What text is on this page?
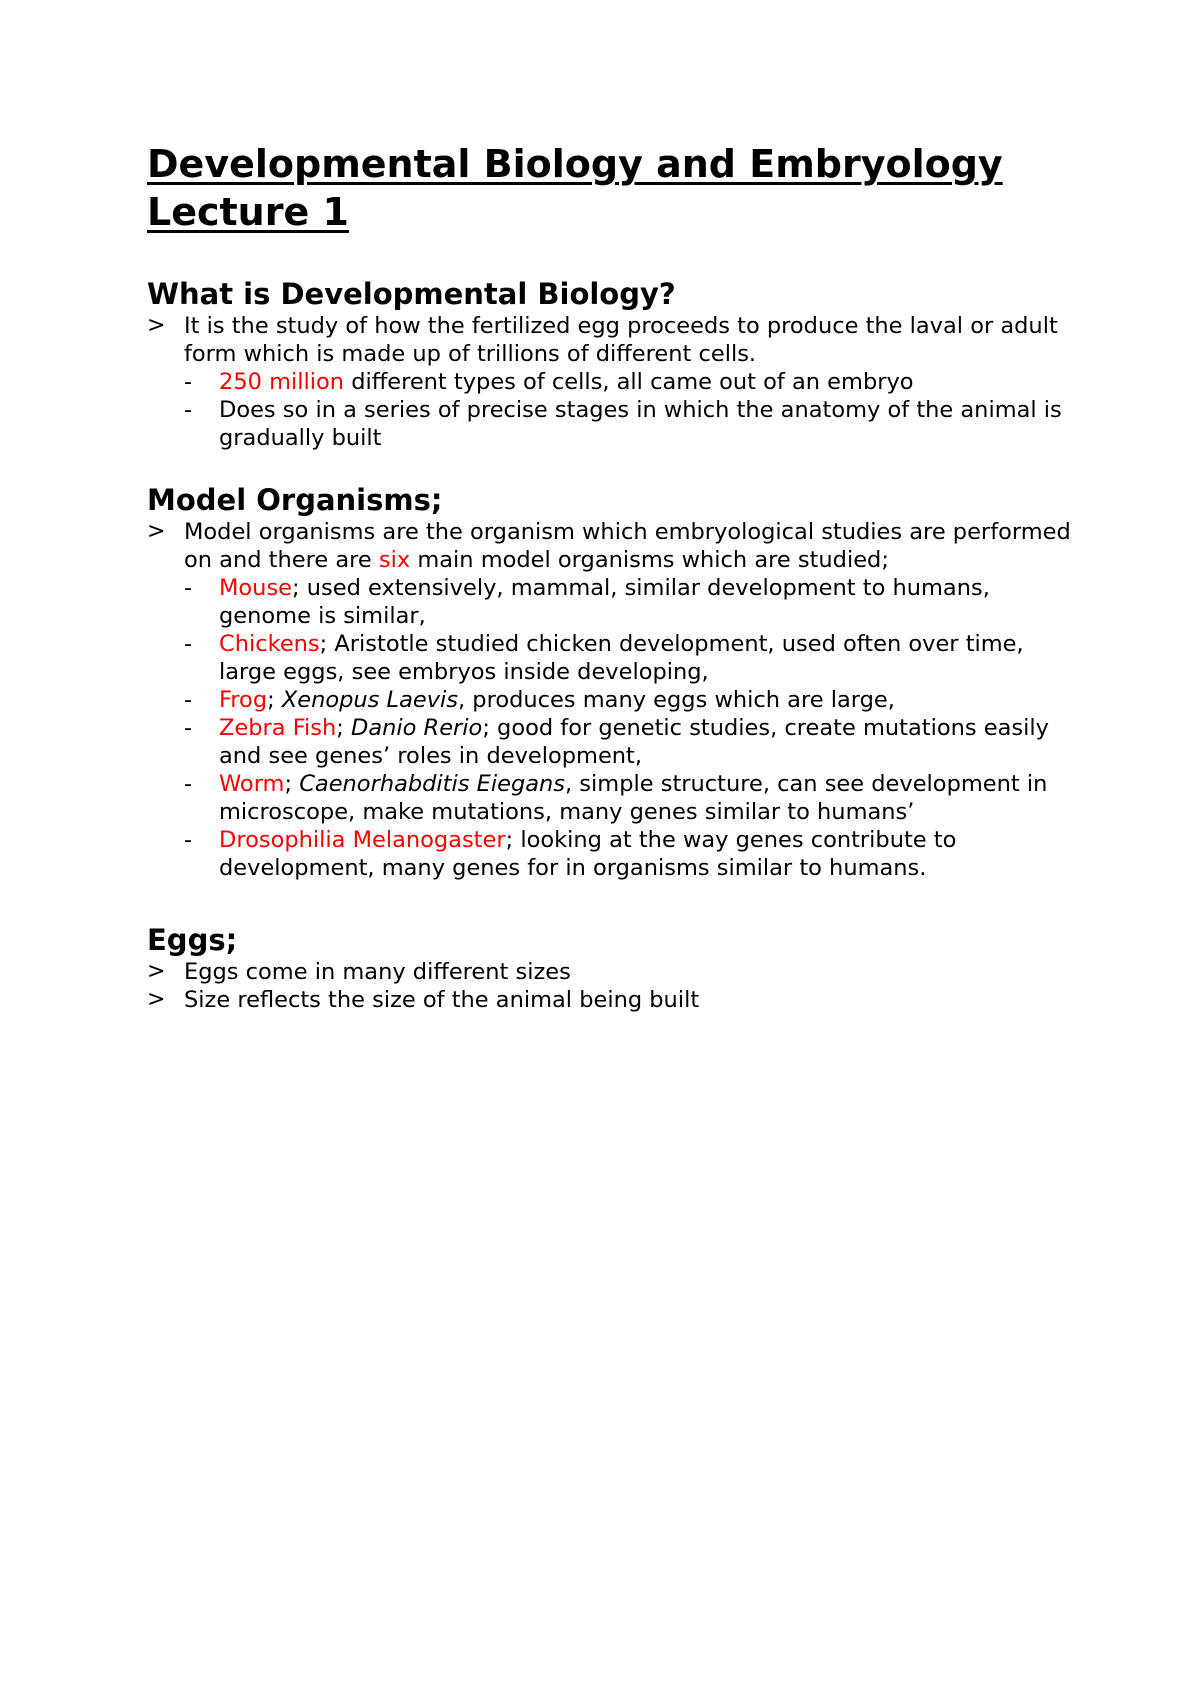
Developmental Biology and Embryology
Lecture 1
What is Developmental Biology?
> It is the study of how the fertilized egg proceeds to produce the laval or adult form which is made up of trillions of different cells.
-	250 million different types of cells, all came out of an embryo
-	Does so in a series of precise stages in which the anatomy of the animal is gradually built
Model Organisms;
> Model organisms are the organism which embryological studies are performed on and there are six main model organisms which are studied;
-	Mouse; used extensively, mammal, similar development to humans, genome is similar,
-	Chickens; Aristotle studied chicken development, used often over time, large eggs, see embryos inside developing,
-	Frog; Xenopus Laevis, produces many eggs which are large,
-	Zebra Fish; Danio Rerio; good for genetic studies, create mutations easily and see genes’ roles in development,
-	Worm; Caenorhabditis Eiegans, simple structure, can see development in microscope, make mutations, many genes similar to humans’
-	Drosophilia Melanogaster; looking at the way genes contribute to development, many genes for in organisms similar to humans.
Eggs;
> Eggs come in many different sizes
> Size reflects the size of the animal being built
